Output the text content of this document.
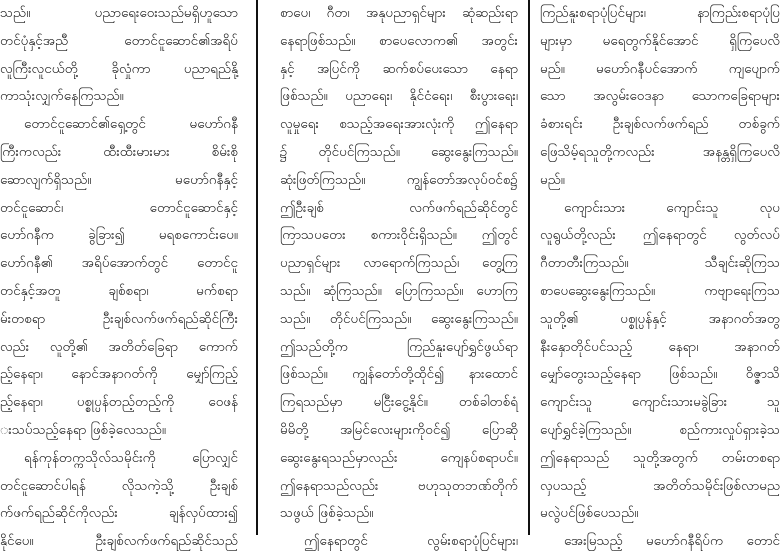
သည်။ ပညာရေးဝေးသည်မရှိဟူသော
တင်ပုံနှင့်အညီ တောင်ငူဆောင်၏အရိပ်
လူကြီးလူငယ်တို့ ခိုလှုံကာ ပညာရည်နို့
ကာသုံးလျှက်နေကြသည်။
တောင်ငူဆောင်၏ရှေ့တွင် မဟော်ဂနီ
ကြီးကလည်း ထီးထီးမားမား စိမ်းစို
ဆောလျက်ရှိသည်။ မဟော်ဂနီနှင့်
တင်ငူဆောင်၊ တောင်ငူဆောင်နှင့်
ဟော်ဂနီက ခွဲခြား၍ မရစကောင်းပေ။
ဟော်ဂနီ၏ အရိပ်အောက်တွင် တောင်ငူ
တင်နှင့်အတူ ချစ်စရာ၊ မက်စရာ
မ်းတစရာ ဦးချစ်လက်ဖက်ရည်ဆိုင်ကြီး
လည်း လူတို့၏ အတိတ်ခြေရာ ကောက်
ည့်နေရာ၊ နောင်အနာဂတ်ကို မျှော်ကြည့်
ည့်နေရာ၊ ပစ္စုပ္ပန်တည့်တည့်ကို ဝေဖန်
းသပ်သည့်နေရာ ဖြစ်ခဲ့လေသည်။
ရန်ကုန်တက္ကသိုလ်သမိုင်းကို ပြောလျှင်
တင်ငူဆောင်ပါရန် လိုသကဲ့သို့ ဦးချစ်
က်ဖက်ရည်ဆိုင်ကိုလည်း ချန်လှပ်ထား၍
နိုင်ပေ။ ဦးချစ်လက်ဖက်ရည်ဆိုင်သည်
စာပေ၊ ဂီတ၊ အနုပညာရှင်များ ဆုံဆည်းရာ
နေရာဖြစ်သည်။ စာပေလောက၏ အတွင်း
နှင့် အပြင်ကို ဆက်စပ်ပေးသော နေရာ
ဖြစ်သည်။ ပညာရေး၊ နိုင်ငံရေး၊ စီးပွားရေး၊
လူမှုရေး စသည့်အရေးအားလုံးကို ဤနေရာ
၌ တိုင်ပင်ကြသည်။ ဆွေးနွေးကြသည်။
ဆုံးဖြတ်ကြသည်။ ကျွန်တော်အလုပ်ဝင်စ၌
ဤဦးချစ် လက်ဖက်ရည်ဆိုင်တွင်
ကြာသပတေး စကားဝိုင်းရှိသည်။ ဤတွင်
ပညာရှင်များ လာရောက်ကြသည်၊ တွေ့ကြ
သည်။ ဆုံကြသည်။ ပြောကြသည်။ ဟောကြ
သည်။ တိုင်ပင်ကြသည်။ ဆွေးနွေးကြသည်။
ဤသည်တို့က ကြည်နူးပျော်ရွှင်ဖွယ်ရာ
ဖြစ်သည်။ ကျွန်တော်တို့ထိုင်၍ နားထောင်
ကြရသည်မှာ မငြီးငွေ့နိုင်။ တစ်ခါတစ်ရံ
မိမိတို့ အမြင်လေးများကိုဝင်၍ ပြောဆို
ဆွေးနွေးရသည်မှာလည်း ကျေနပ်စရာပင်။
ဤနေရာသည်လည်း ဗဟုသုတဘဏ်တိုက်
သဖွယ် ဖြစ်ခဲ့သည်။
ဤနေရာတွင် လွမ်းစရာပုံပြင်များ၊
ကြည်နူးစရာပုံပြင်များ၊ နာကြည်းစရာပုံပြ
များမှာ မရေတွက်နိုင်အောင် ရှိကြပေလိ
မည်။ မဟော်ဂနီပင်အောက် ကျပျောက်
သော အလွမ်းဝေဒနာ သောကခြေရာများ
ခံစားရင်း ဦးချစ်လက်ဖက်ရည် တစ်ခွက်
ဖြေသိမ့်ရသူတို့ကလည်း အနန္တရှိကြပေလိ
မည်။
ကျောင်းသား ကျောင်းသူ လုပ
လူရွယ်တို့လည်း ဤနေရာတွင် လွတ်လပ်
ဂီတာတီးကြသည်။ သီချင်းဆိုကြသ
စာပေဆွေးနွေးကြသည်။ ကဗျာရေးကြသ
သူတို့၏ ပစ္စုပ္ပန်နှင့် အနာဂတ်အတွ
နီးနှောတိုင်ပင်သည့် နေရာ၊ အနာဂတ်
မျှော်တွေးသည့်နေရာ ဖြစ်သည်။ ဝိဇ္ဇာသိ
ကျောင်းသူ ကျောင်းသားမခွဲခြား သူ
ပျော်ရွှင်ခဲ့ကြသည်။ စည်ကားလှုပ်ရှားခဲ့သ
ဤနေရာသည် သူတို့အတွက် တမ်းတစရာ
လှပသည့် အတိတ်သမိုင်းဖြစ်လာမည
မလွဲပင်ဖြစ်ပေသည်။
အေးမြသည့် မဟော်ဂနီရိပ်က တောင်
